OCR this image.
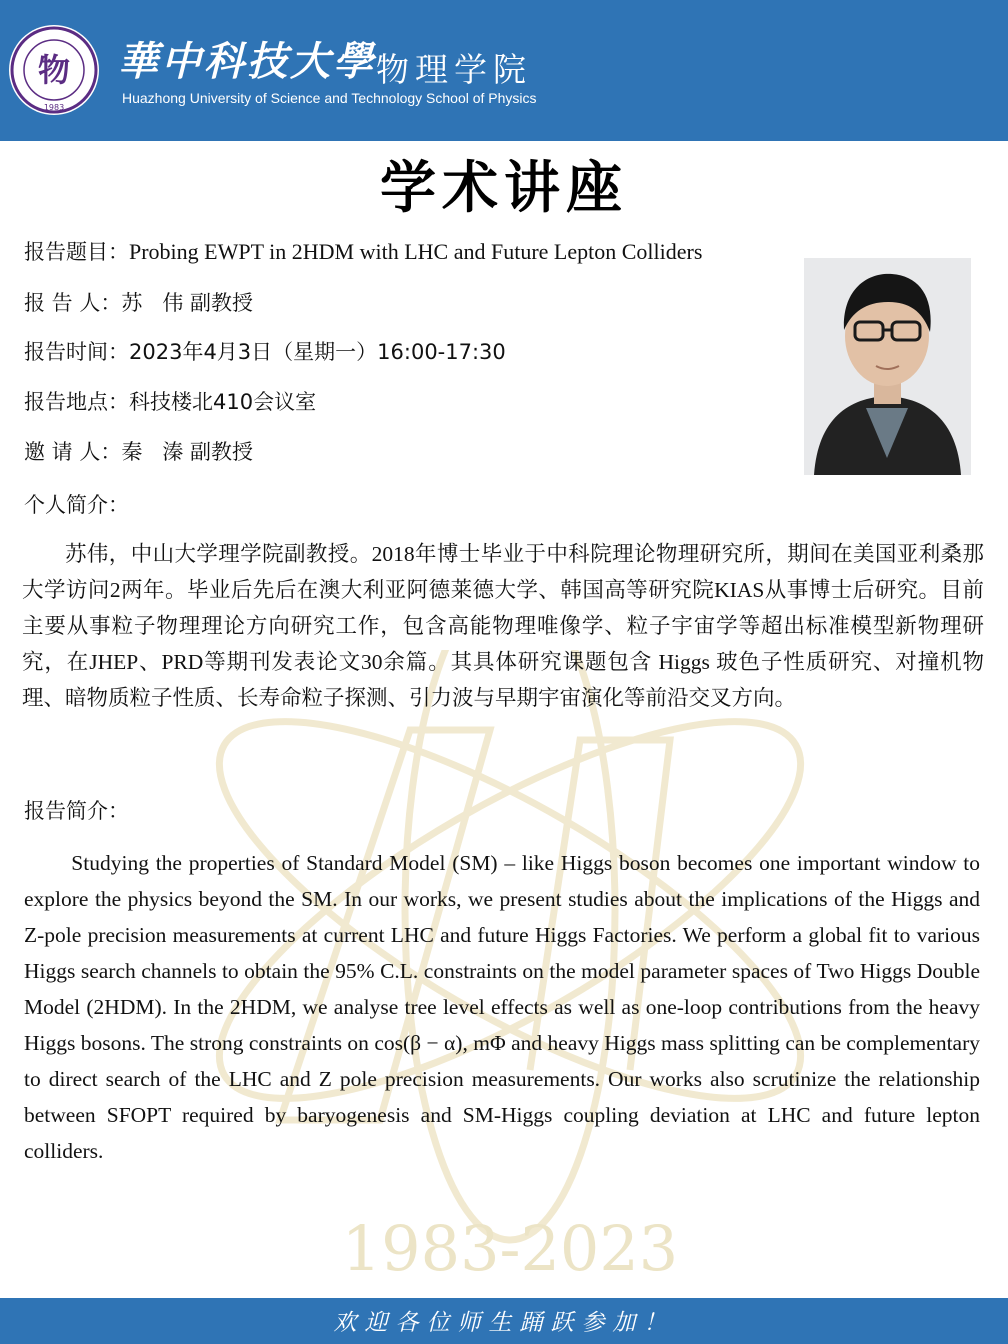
物
1983
華中科技大學 物理学院
Huazhong University of Science and Technology School of Physics
1983-2023
学术讲座
报告题目：Probing EWPT in 2HDM with LHC and Future Lepton Colliders
报 告 人：苏   伟 副教授
报告时间：2023年4月3日（星期一）16:00-17:30
报告地点：科技楼北410会议室
邀 请 人：秦   溱 副教授
个人简介：

苏伟，中山大学理学院副教授。2018年博士毕业于中科院理论物理研究所，期间在美国亚利桑那大学访问2两年。毕业后先后在澳大利亚阿德莱德大学、韩国高等研究院KIAS从事博士后研究。目前主要从事粒子物理理论方向研究工作，包含高能物理唯像学、粒子宇宙学等超出标准模型新物理研究，在JHEP、PRD等期刊发表论文30余篇。其具体研究课题包含 Higgs 玻色子性质研究、对撞机物理、暗物质粒子性质、长寿命粒子探测、引力波与早期宇宙演化等前沿交叉方向。

报告简介：

Studying the properties of Standard Model (SM) – like Higgs boson becomes one important window to explore the physics beyond the SM. In our works, we present studies about the implications of the Higgs and Z-pole precision measurements at current LHC and future Higgs Factories. We perform a global fit to various Higgs search channels to obtain the 95% C.L. constraints on the model parameter spaces of Two Higgs Double Model (2HDM). In the 2HDM, we analyse tree level effects as well as one-loop contributions from the heavy Higgs bosons. The strong constraints on cos(β − α), mΦ and heavy Higgs mass splitting can be complementary to direct search of the LHC and Z pole precision measurements. Our works also scrutinize the relationship between SFOPT required by baryogenesis and SM-Higgs coupling deviation at LHC and future lepton colliders.

欢迎各位师生踊跃参加！
